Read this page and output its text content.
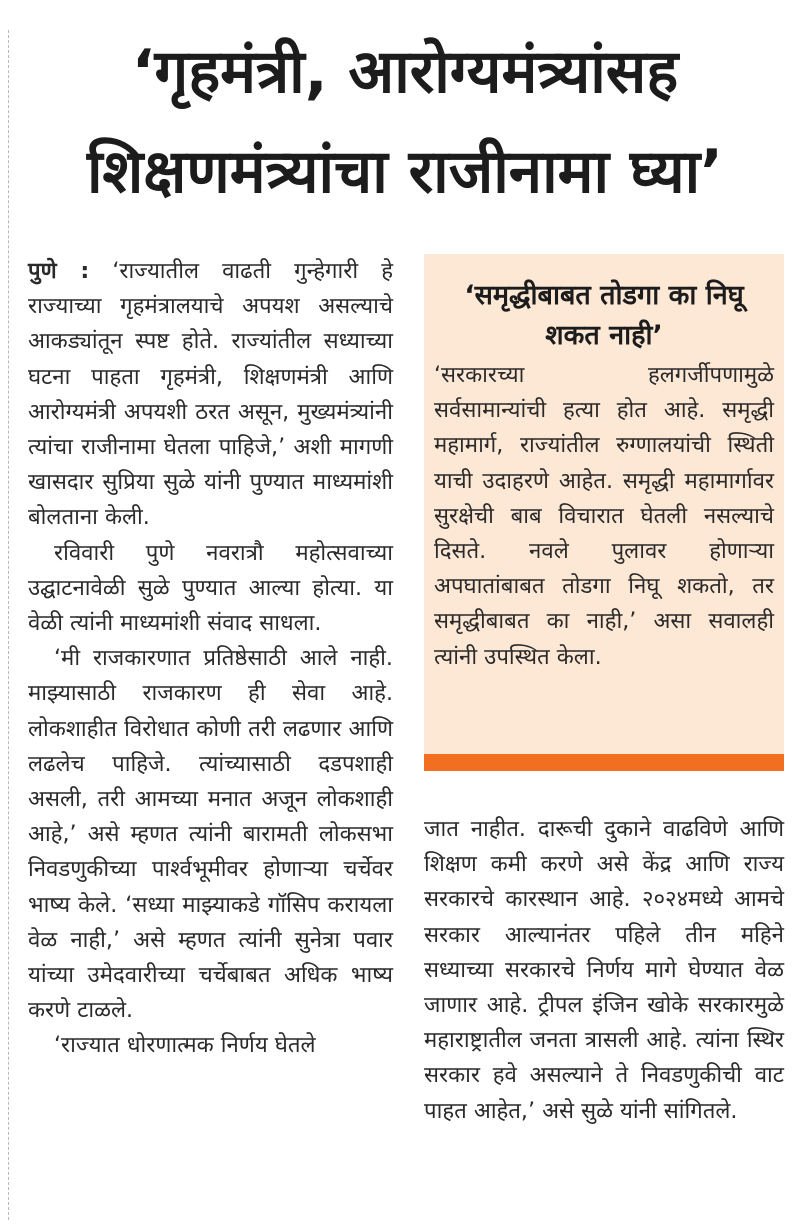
‘गृहमंत्री, आरोग्यमंत्र्यांसह शिक्षणमंत्र्यांचा राजीनामा घ्या’

पुणे : ‘राज्यातील वाढती गुन्हेगारी हे राज्याच्या गृहमंत्रालयाचे अपयश असल्याचे आकड्यांतून स्पष्ट होते. राज्यांतील सध्याच्या घटना पाहता गृहमंत्री, शिक्षणमंत्री आणि आरोग्यमंत्री अपयशी ठरत असून, मुख्यमंत्र्यांनी त्यांचा राजीनामा घेतला पाहिजे,’ अशी मागणी खासदार सुप्रिया सुळे यांनी पुण्यात माध्यमांशी बोलताना केली.

रविवारी पुणे नवरात्रौ महोत्सवाच्या उद्घाटनावेळी सुळे पुण्यात आल्या होत्या. या वेळी त्यांनी माध्यमांशी संवाद साधला.

‘मी राजकारणात प्रतिष्ठेसाठी आले नाही. माझ्यासाठी राजकारण ही सेवा आहे. लोकशाहीत विरोधात कोणी तरी लढणार आणि लढलेच पाहिजे. त्यांच्यासाठी दडपशाही असली, तरी आमच्या मनात अजून लोकशाही आहे,’ असे म्हणत त्यांनी बारामती लोकसभा निवडणुकीच्या पार्श्वभूमीवर होणाऱ्या चर्चेवर भाष्य केले. ‘सध्या माझ्याकडे गॉसिप करायला वेळ नाही,’ असे म्हणत त्यांनी सुनेत्रा पवार यांच्या उमेदवारीच्या चर्चेबाबत अधिक भाष्य करणे टाळले.

‘राज्यात धोरणात्मक निर्णय घेतले

‘समृद्धीबाबत तोडगा का निघू शकत नाही’

‘सरकारच्या हलगर्जीपणामुळे सर्वसामान्यांची हत्या होत आहे. समृद्धी महामार्ग, राज्यांतील रुग्णालयांची स्थिती याची उदाहरणे आहेत. समृद्धी महामार्गावर सुरक्षेची बाब विचारात घेतली नसल्याचे दिसते. नवले पुलावर होणाऱ्या अपघातांबाबत तोडगा निघू शकतो, तर समृद्धीबाबत का नाही,’ असा सवालही त्यांनी उपस्थित केला.

जात नाहीत. दारूची दुकाने वाढविणे आणि शिक्षण कमी करणे असे केंद्र आणि राज्य सरकारचे कारस्थान आहे. २०२४मध्ये आमचे सरकार आल्यानंतर पहिले तीन महिने सध्याच्या सरकारचे निर्णय मागे घेण्यात वेळ जाणार आहे. ट्रीपल इंजिन खोके सरकारमुळे महाराष्ट्रातील जनता त्रासली आहे. त्यांना स्थिर सरकार हवे असल्याने ते निवडणुकीची वाट पाहत आहेत,’ असे सुळे यांनी सांगितले.
